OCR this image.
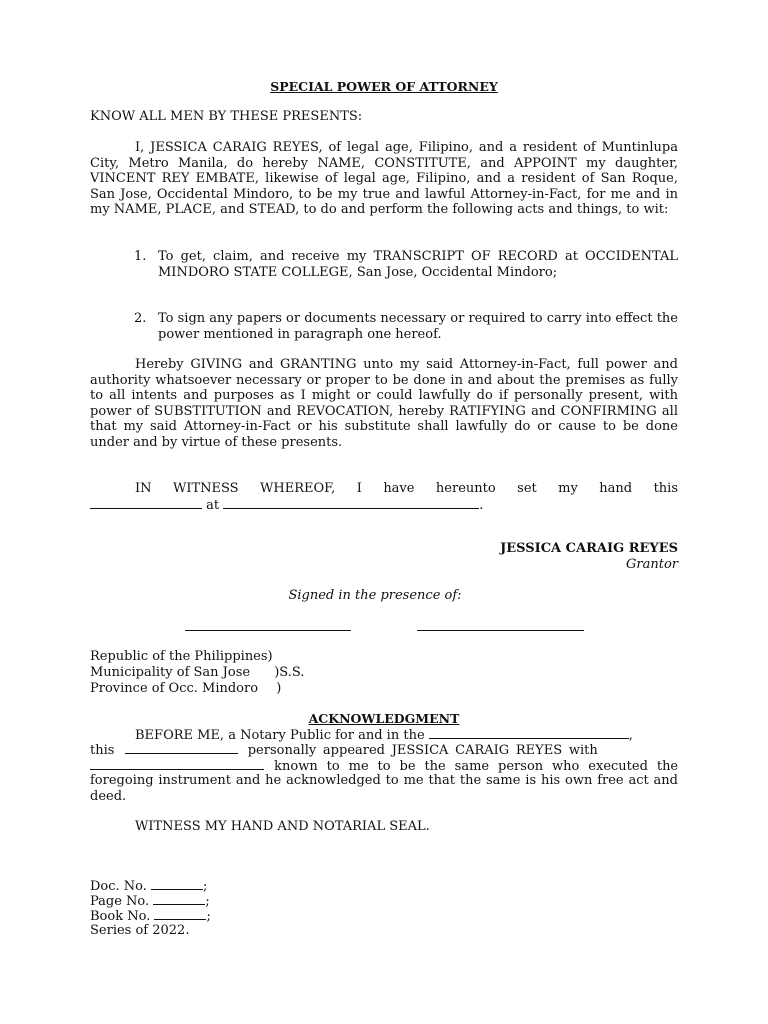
SPECIAL POWER OF ATTORNEY
KNOW ALL MEN BY THESE PRESENTS:
I, JESSICA CARAIG REYES, of legal age, Filipino, and a resident of Muntinlupa City, Metro Manila, do hereby NAME, CONSTITUTE, and APPOINT my daughter, VINCENT REY EMBATE, likewise of legal age, Filipino, and a resident of San Roque, San Jose, Occidental Mindoro, to be my true and lawful Attorney-in-Fact, for me and in my NAME, PLACE, and STEAD, to do and perform the following acts and things, to wit:
1. To get, claim, and receive my TRANSCRIPT OF RECORD at OCCIDENTAL MINDORO STATE COLLEGE, San Jose, Occidental Mindoro;
2. To sign any papers or documents necessary or required to carry into effect the power mentioned in paragraph one hereof.
Hereby GIVING and GRANTING unto my said Attorney-in-Fact, full power and authority whatsoever necessary or proper to be done in and about the premises as fully to all intents and purposes as I might or could lawfully do if personally present, with power of SUBSTITUTION and REVOCATION, hereby RATIFYING and CONFIRMING all that my said Attorney-in-Fact or his substitute shall lawfully do or cause to be done under and by virtue of these presents.
IN WITNESS WHEREOF, I have hereunto set my hand this
at	.
JESSICA CARAIG REYES
Grantor
Signed in the presence of:
Republic of the Philippines)
Municipality of San Jose )S.S.
Province of Occ. Mindoro )
ACKNOWLEDGMENT
BEFORE ME, a Notary Public for and in the	,
this	personally appeared JESSICA CARAIG REYES with
known to me to be the same person who executed the
foregoing instrument and he acknowledged to me that the same is his own free act and deed.
WITNESS MY HAND AND NOTARIAL SEAL.
Doc. No.	;
Page No.	;
Book No.	;
Series of 2022.
